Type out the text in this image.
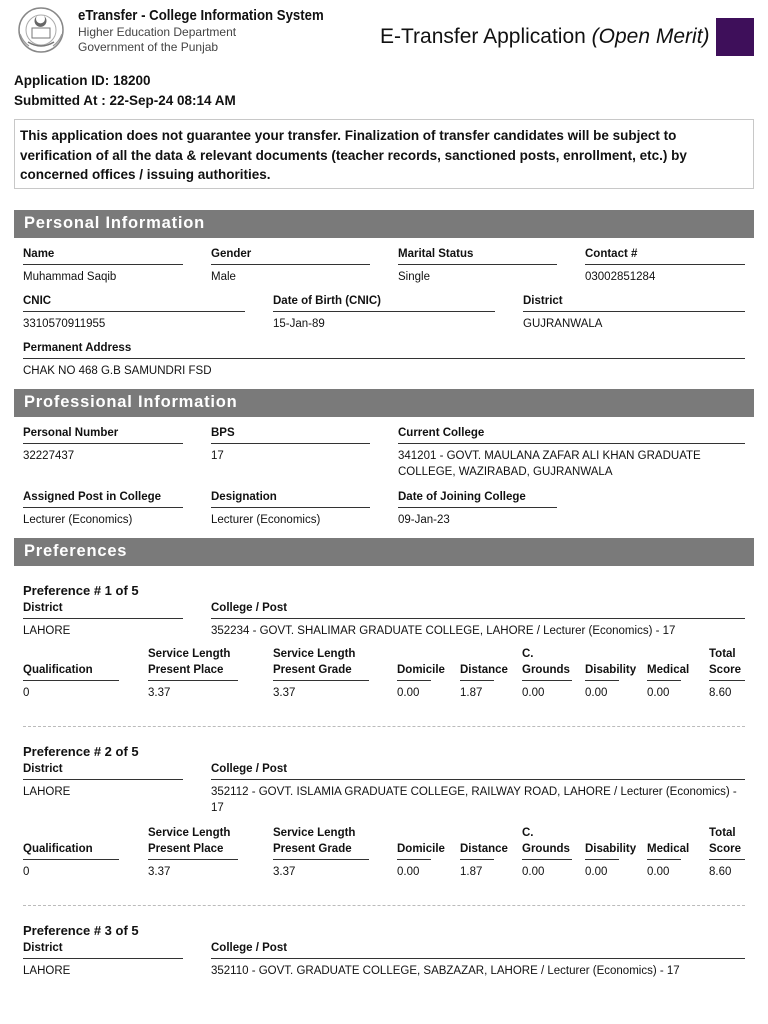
eTransfer - College Information System
Higher Education Department
Government of the Punjab	E-Transfer Application (Open Merit)
Application ID: 18200
Submitted At : 22-Sep-24 08:14 AM
This application does not guarantee your transfer. Finalization of transfer candidates will be subject to verification of all the data & relevant documents (teacher records, sanctioned posts, enrollment, etc.) by concerned offices / issuing authorities.
Personal Information
Name
Muhammad Saqib
Gender
Male
Marital Status
Single
Contact #
03002851284
CNIC
3310570911955
Date of Birth (CNIC)
15-Jan-89
District
GUJRANWALA
Permanent Address
CHAK NO 468 G.B SAMUNDRI FSD
Professional Information
Personal Number
32227437
BPS
17
Current College
341201 - GOVT. MAULANA ZAFAR ALI KHAN GRADUATE COLLEGE, WAZIRABAD, GUJRANWALA
Assigned Post in College
Lecturer (Economics)
Designation
Lecturer (Economics)
Date of Joining College
09-Jan-23
Preferences
Preference # 1 of 5
District
LAHORE
College / Post
352234 - GOVT. SHALIMAR GRADUATE COLLEGE, LAHORE / Lecturer (Economics) - 17
Qualification
0
Service Length Present Place
3.37
Service Length Present Grade
3.37
Domicile
0.00
Distance
1.87
C. Grounds
0.00
Disability
0.00
Medical
0.00
Total Score
8.60
Preference # 2 of 5
District
LAHORE
College / Post
352112 - GOVT. ISLAMIA GRADUATE COLLEGE, RAILWAY ROAD, LAHORE / Lecturer (Economics) - 17
Qualification
0
Service Length Present Place
3.37
Service Length Present Grade
3.37
Domicile
0.00
Distance
1.87
C. Grounds
0.00
Disability
0.00
Medical
0.00
Total Score
8.60
Preference # 3 of 5
District
LAHORE
College / Post
352110 - GOVT. GRADUATE COLLEGE, SABZAZAR, LAHORE / Lecturer (Economics) - 17
